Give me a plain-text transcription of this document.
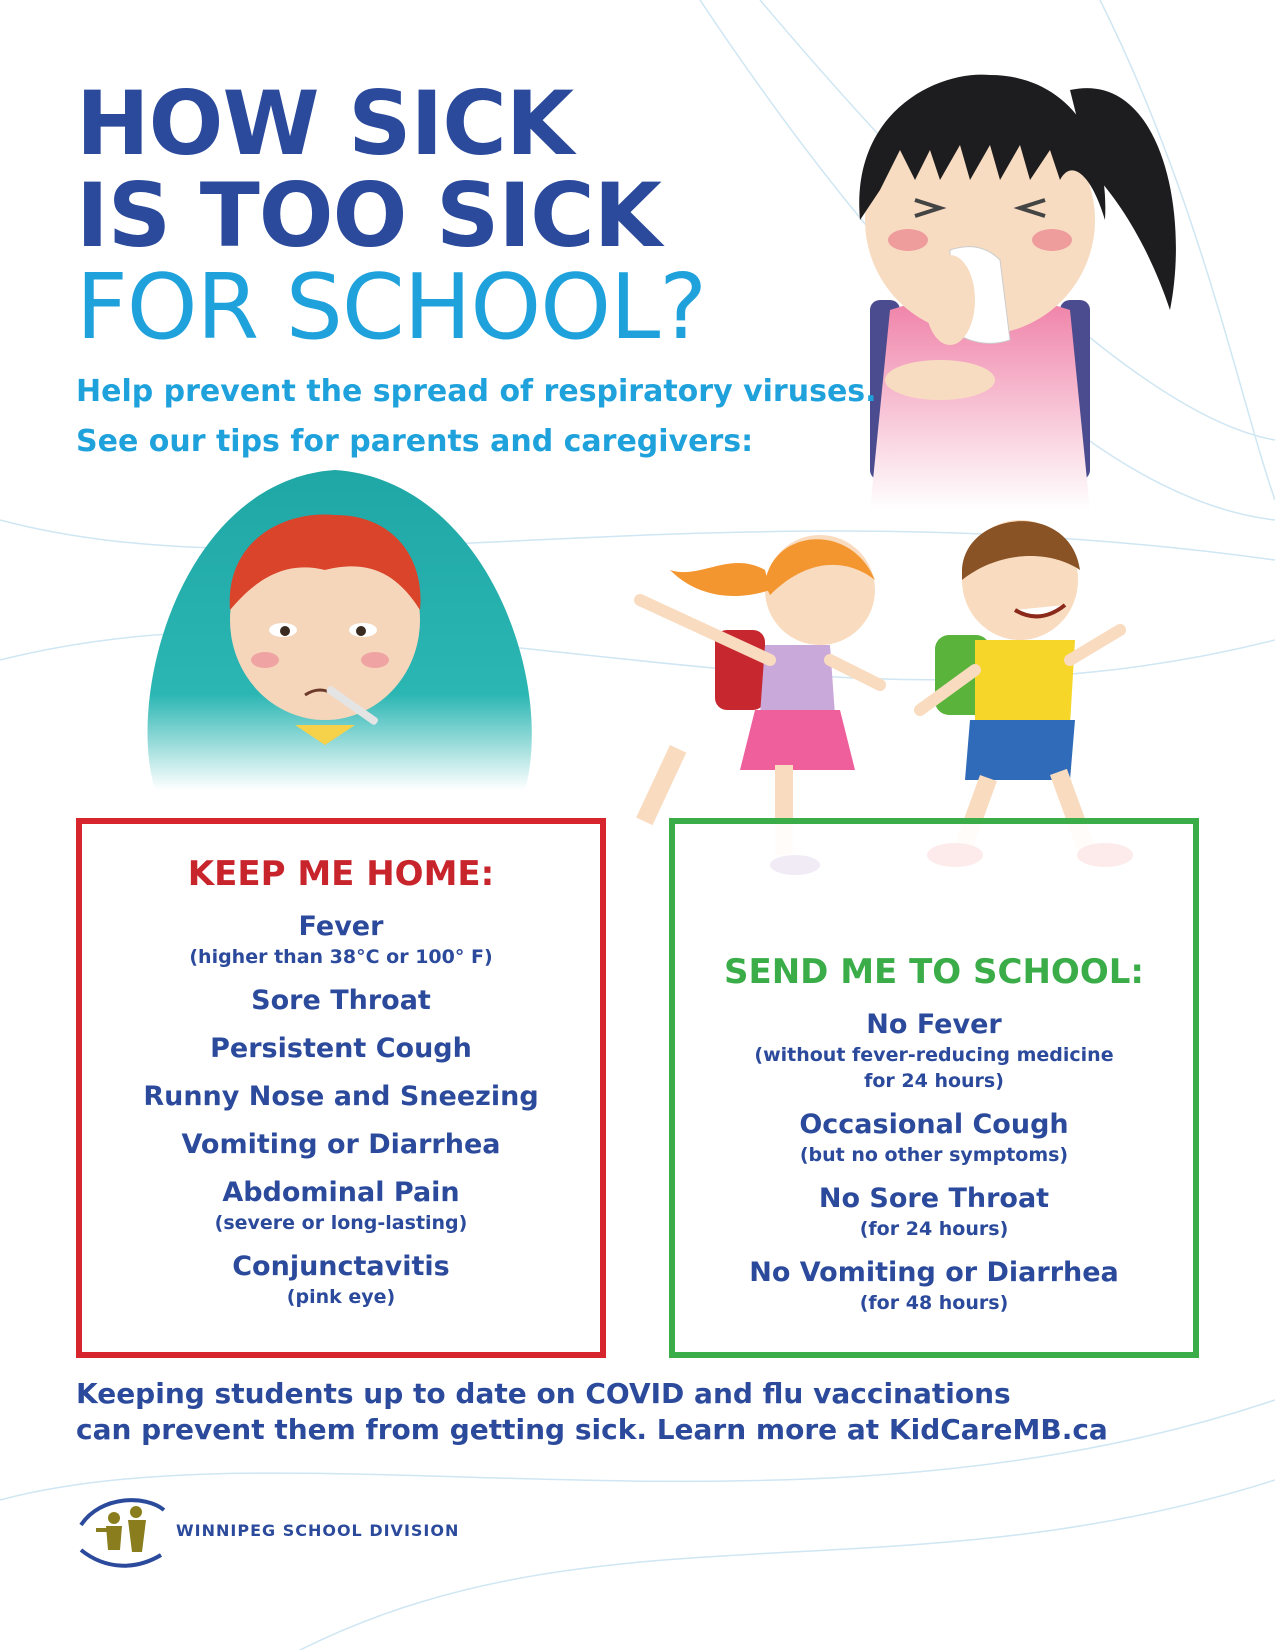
HOW SICK
IS TOO SICK
FOR SCHOOL?
Help prevent the spread of respiratory viruses.
See our tips for parents and caregivers:
KEEP ME HOME:
Fever
(higher than 38°C or 100° F)
Sore Throat
Persistent Cough
Runny Nose and Sneezing
Vomiting or Diarrhea
Abdominal Pain
(severe or long-lasting)
Conjunctavitis
(pink eye)
SEND ME TO SCHOOL:
No Fever
(without fever-reducing medicine for 24 hours)
Occasional Cough
(but no other symptoms)
No Sore Throat
(for 24 hours)
No Vomiting or Diarrhea
(for 48 hours)
Keeping students up to date on COVID and flu vaccinations
can prevent them from getting sick. Learn more at KidCareMB.ca
WINNIPEG SCHOOL DIVISION
